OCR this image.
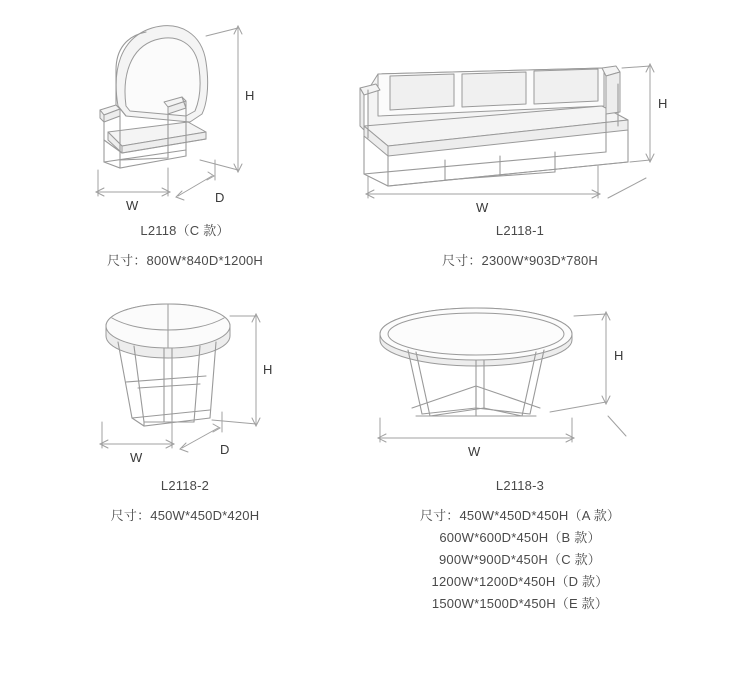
H
W
D
L2118（C 款）
尺寸：800W*840D*1200H
H
W
L2118-1
尺寸：2300W*903D*780H
H
W
D
L2118-2
尺寸：450W*450D*420H
H
W
L2118-3
尺寸：450W*450D*450H（A 款）
600W*600D*450H（B 款）
900W*900D*450H（C 款）
1200W*1200D*450H（D 款）
1500W*1500D*450H（E 款）
